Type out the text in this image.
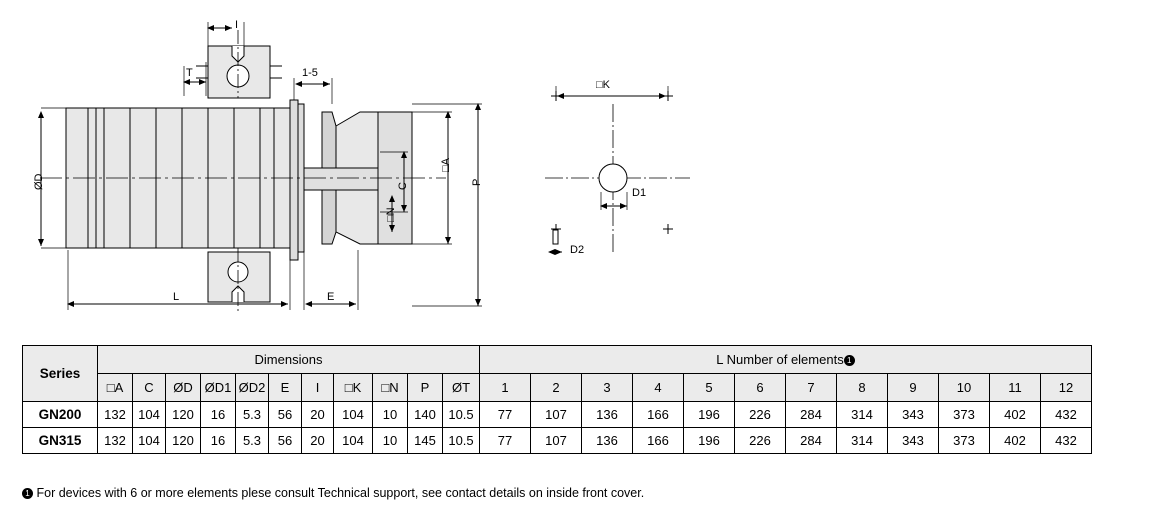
ØD
T
I
1-5
□A
C
□N
P
L	E
□K
D1
D2
Series	Dimensions											L Number of elements 1											
	□A	C	ØD	ØD1	ØD2	E	I	□K	□N	P	ØT	1	2	3	4	5	6	7	8	9	10	11	12
GN200	132	104	120	16	5.3	56	20	104	10	140	10.5	77	107	136	166	196	226	284	314	343	373	402	432
GN315	132	104	120	16	5.3	56	20	104	10	145	10.5	77	107	136	166	196	226	284	314	343	373	402	432
1 For devices with 6 or more elements plese consult Technical support, see contact details on inside front cover.
